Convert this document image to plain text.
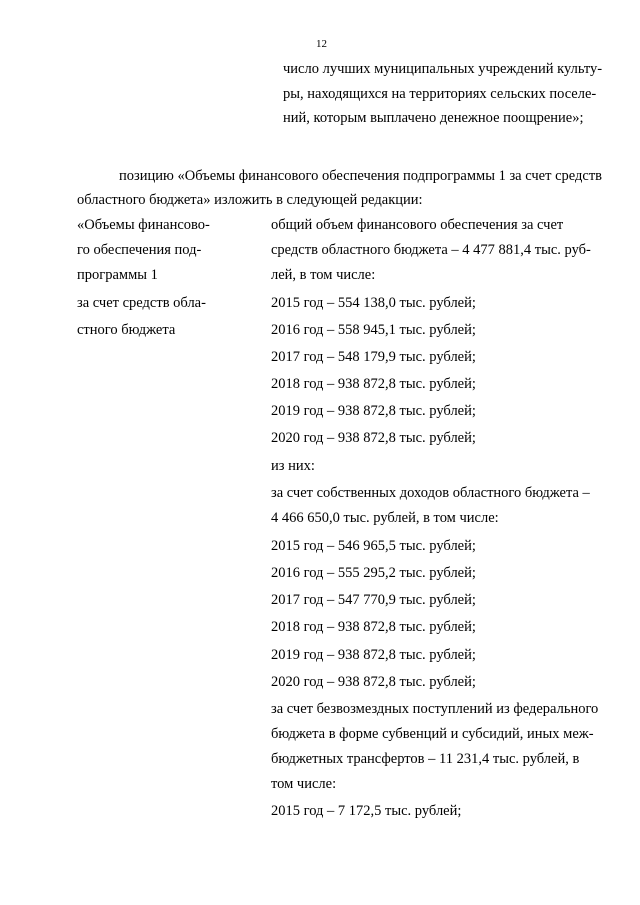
12
число лучших муниципальных учреждений культу-
ры, находящихся на территориях сельских поселе-
ний, которым выплачено денежное поощрение»;
позицию «Объемы финансового обеспечения подпрограммы 1 за счет средств
областного бюджета» изложить в следующей редакции:
«Объемы финансово-
го обеспечения под-
программы 1
за счет средств обла-
стного бюджета
общий объем финансового обеспечения за счет
средств областного бюджета – 4 477 881,4 тыс. руб-
лей, в том числе:
2015 год – 554 138,0 тыс. рублей;
2016 год – 558 945,1 тыс. рублей;
2017 год – 548 179,9 тыс. рублей;
2018 год – 938 872,8 тыс. рублей;
2019 год – 938 872,8 тыс. рублей;
2020 год – 938 872,8 тыс. рублей;
из них:
за счет собственных доходов областного бюджета –
4 466 650,0 тыс. рублей, в том числе:
2015 год – 546 965,5 тыс. рублей;
2016 год – 555 295,2 тыс. рублей;
2017 год – 547 770,9 тыс. рублей;
2018 год – 938 872,8 тыс. рублей;
2019 год – 938 872,8 тыс. рублей;
2020 год – 938 872,8 тыс. рублей;
за счет безвозмездных поступлений из федерального
бюджета в форме субвенций и субсидий, иных меж-
бюджетных трансфертов – 11 231,4 тыс. рублей, в
том числе:
2015 год – 7 172,5 тыс. рублей;
